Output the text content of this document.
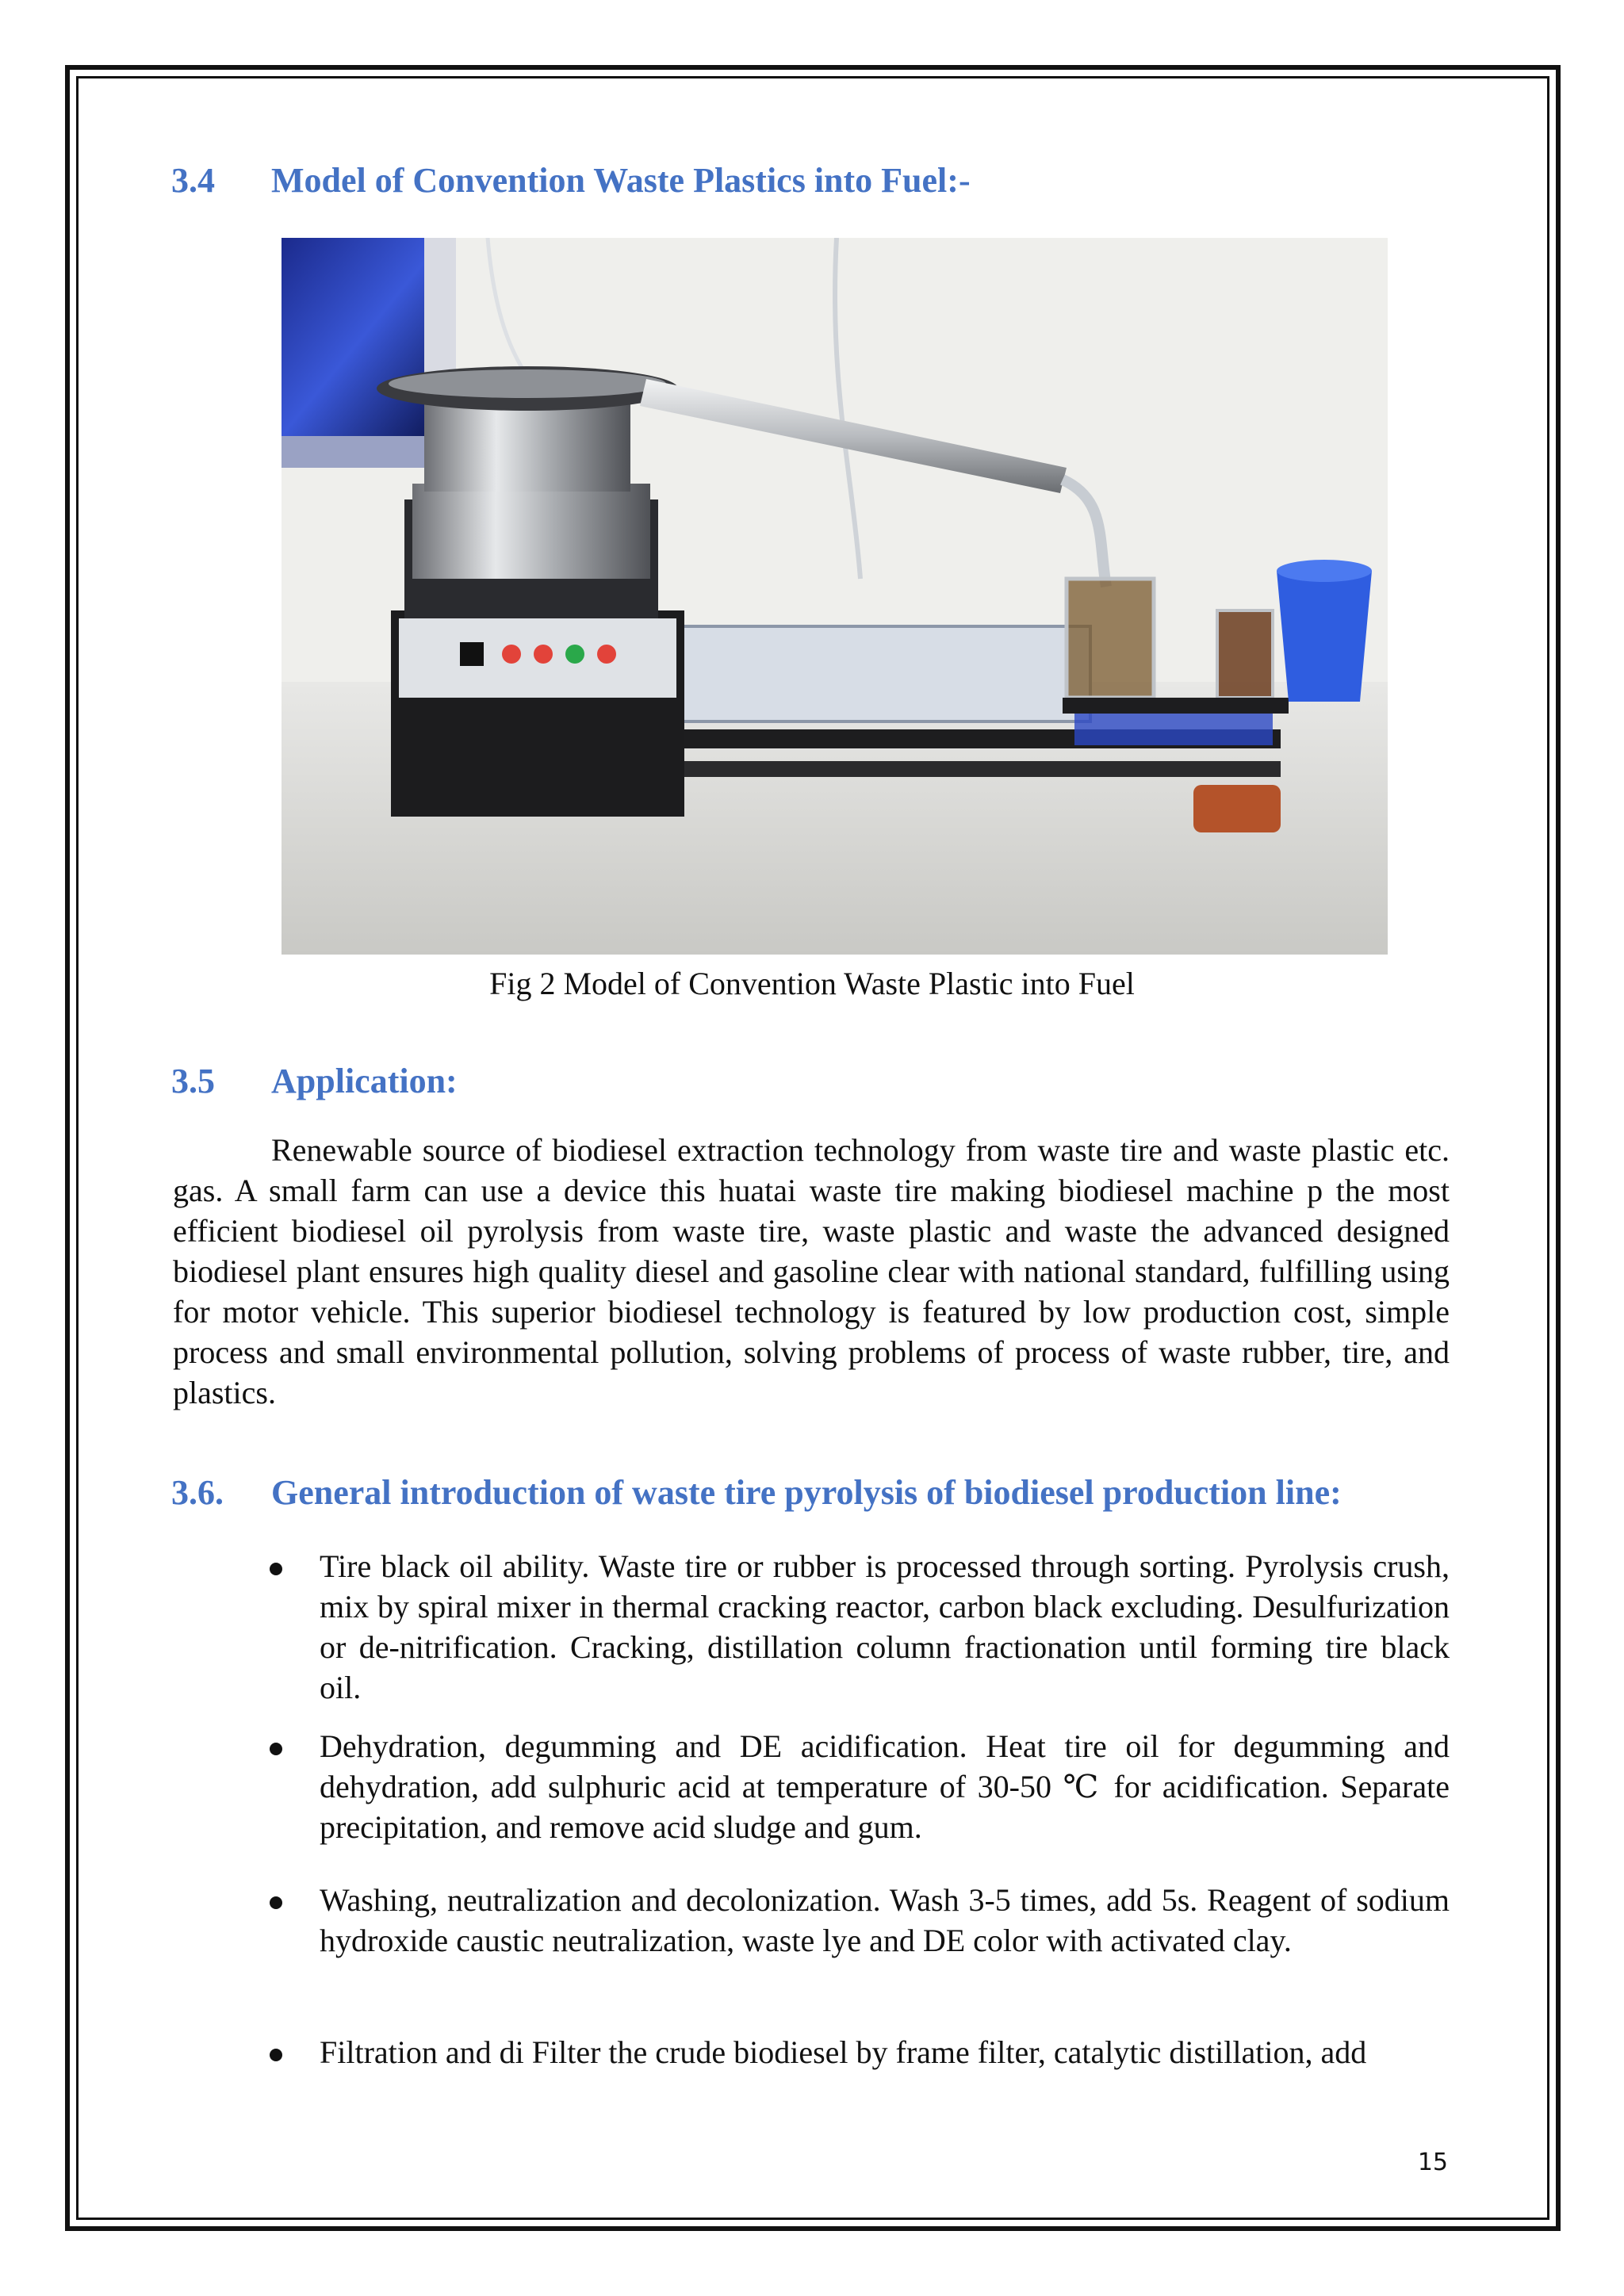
3.4 Model of Convention Waste Plastics into Fuel:-
Fig 2 Model of Convention Waste Plastic into Fuel
3.5 Application:

Renewable source of biodiesel extraction technology from waste tire and waste plastic etc. gas. A small farm can use a device this huatai waste tire making biodiesel machine p the most efficient biodiesel oil pyrolysis from waste tire, waste plastic and waste the advanced designed biodiesel plant ensures high quality diesel and gasoline clear with national standard, fulfilling using for motor vehicle. This superior biodiesel technology is featured by low production cost, simple process and small environmental pollution, solving problems of process of waste rubber, tire, and plastics.

3.6. General introduction of waste tire pyrolysis of biodiesel production line:

Tire black oil ability. Waste tire or rubber is processed through sorting. Pyrolysis crush, mix by spiral mixer in thermal cracking reactor, carbon black excluding. Desulfurization or de-nitrification. Cracking, distillation column fractionation until forming tire black oil.

Dehydration, degumming and DE acidification. Heat tire oil for degumming and dehydration, add sulphuric acid at temperature of 30-50 ℃ for acidification. Separate precipitation, and remove acid sludge and gum.

Washing, neutralization and decolonization. Wash 3-5 times, add 5s. Reagent of sodium hydroxide caustic neutralization, waste lye and DE color with activated clay.

Filtration and di Filter the crude biodiesel by frame filter, catalytic distillation, add

15
